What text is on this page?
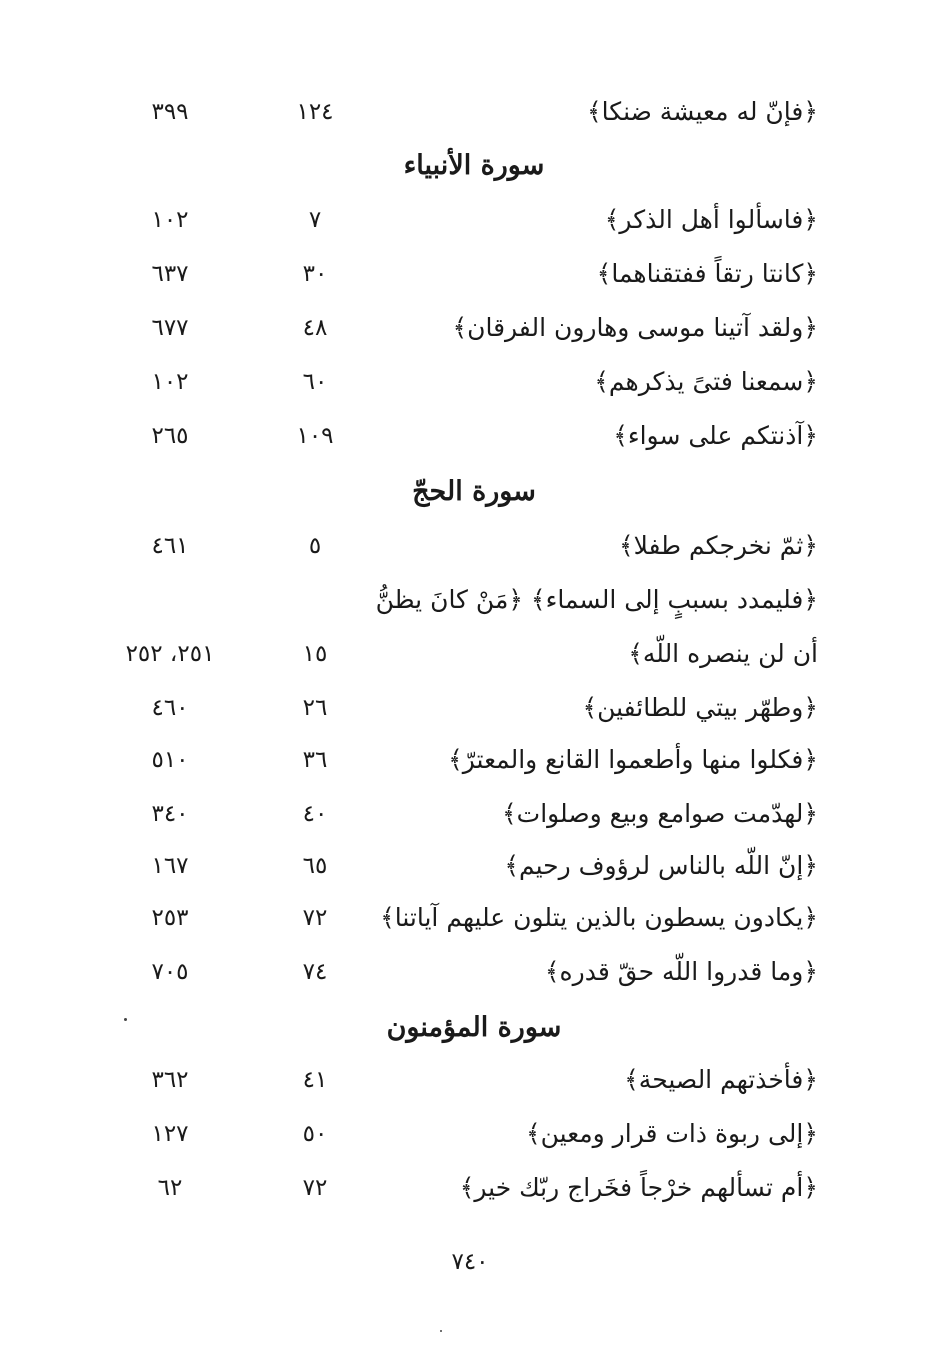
﴿فإنّ له معيشة ضنكا﴾
١٢٤
٣٩٩
سورة الأنبياء
﴿فاسألوا أهل الذكر﴾
٧
١٠٢
﴿كانتا رتقاً ففتقناهما﴾
٣٠
٦٣٧
﴿ولقد آتينا موسى وهارون الفرقان﴾
٤٨
٦٧٧
﴿سمعنا فتىً يذكرهم﴾
٦٠
١٠٢
﴿آذنتكم على سواء﴾
١٠٩
٢٦٥
سورة الحجّ
﴿ثمّ نخرجكم طفلا﴾
٥
٤٦١
﴿فليمدد بسببٍ إلى السماء﴾ ﴿مَنْ كانَ يظنُّ
أن لن ينصره اللّه﴾
١٥
٢٥١، ٢٥٢
﴿وطهّر بيتي للطائفين﴾
٢٦
٤٦٠
﴿فكلوا منها وأطعموا القانع والمعترّ﴾
٣٦
٥١٠
﴿لهدّمت صوامع وبيع وصلوات﴾
٤٠
٣٤٠
﴿إنّ اللّه بالناس لرؤوف رحيم﴾
٦٥
١٦٧
﴿يكادون يسطون بالذين يتلون عليهم آياتنا﴾
٧٢
٢٥٣
﴿وما قدروا اللّه حقّ قدره﴾
٧٤
٧٠٥
سورة المؤمنون
﴿فأخذتهم الصيحة﴾
٤١
٣٦٢
﴿إلى ربوة ذات قرار ومعين﴾
٥٠
١٢٧
﴿أم تسألهم خرْجاً فخَراج ربّك خير﴾
٧٢
٦٢
٧٤٠
